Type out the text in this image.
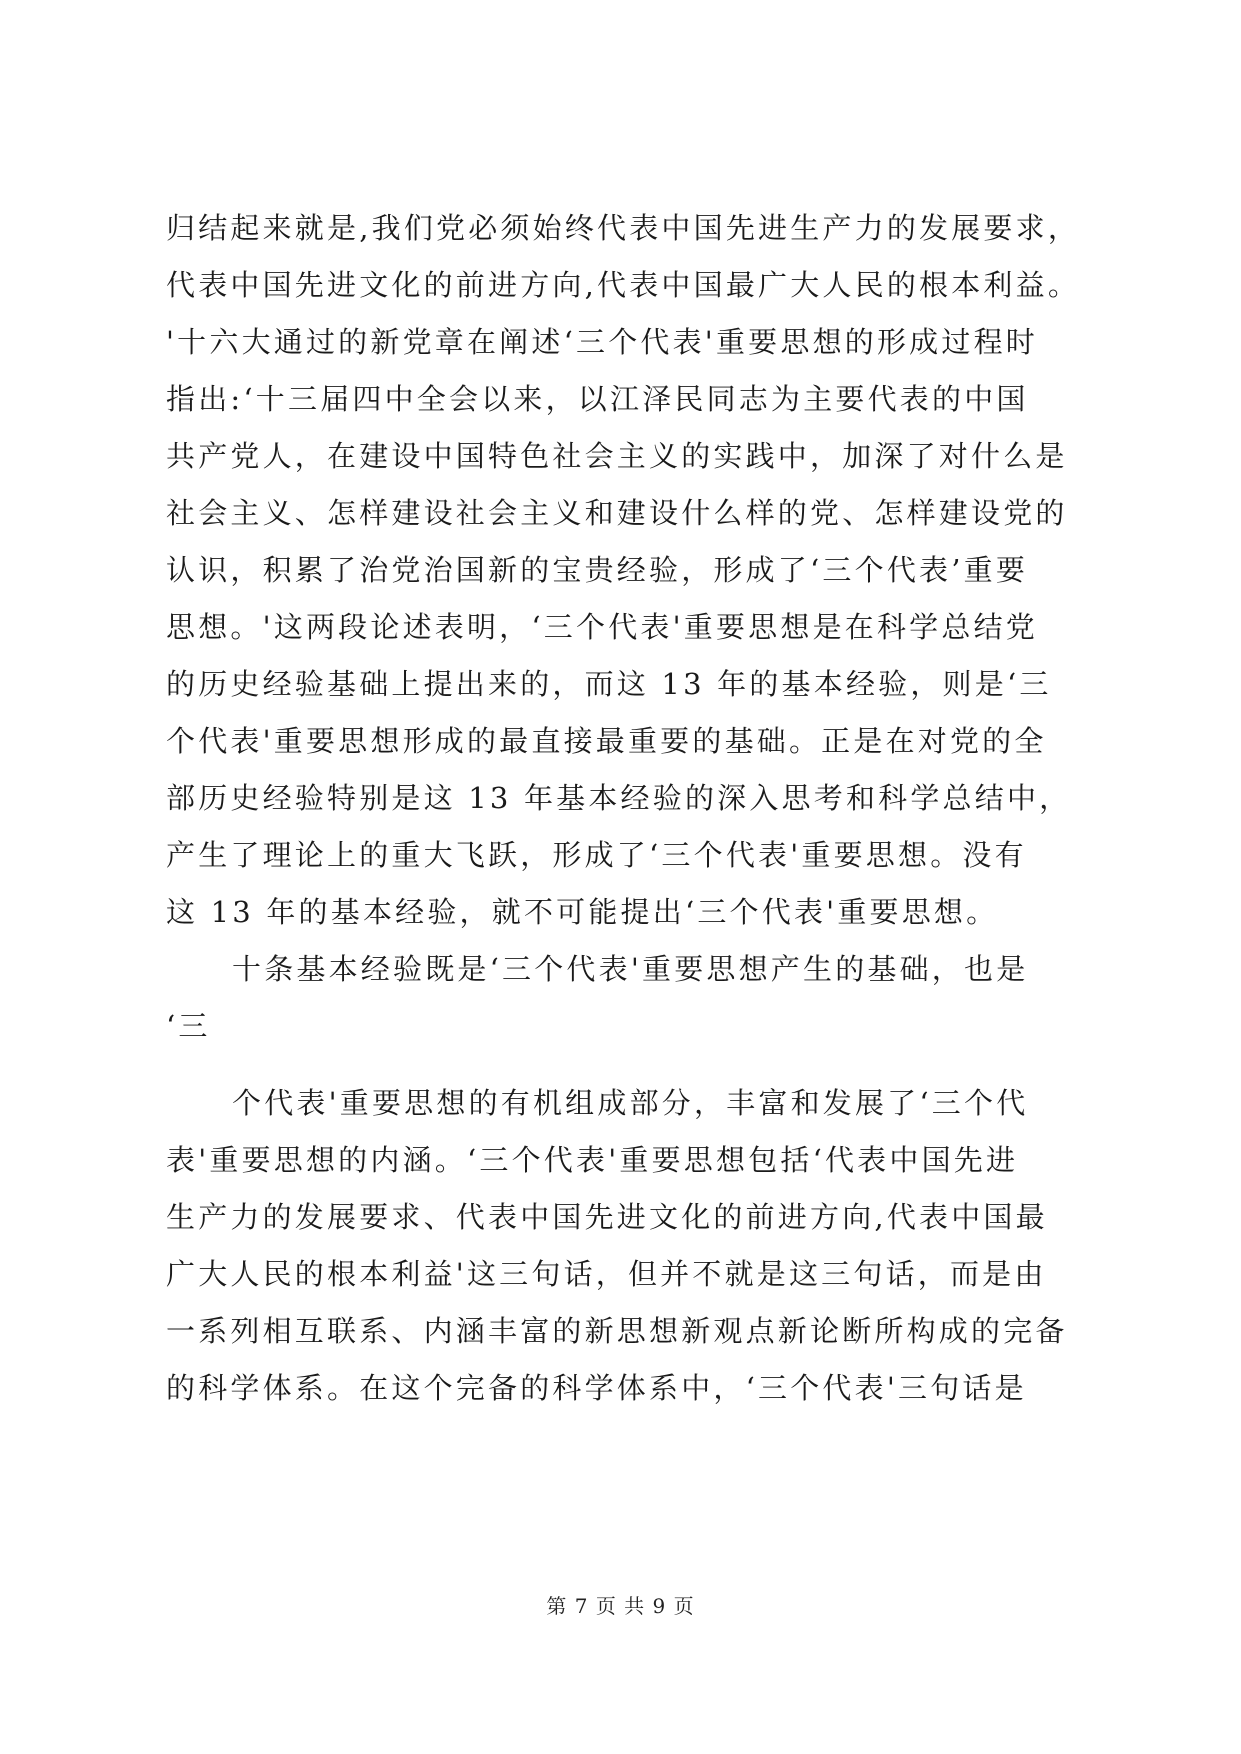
归结起来就是,我们党必须始终代表中国先进生产力的发展要求，
代表中国先进文化的前进方向,代表中国最广大人民的根本利益。
'十六大通过的新党章在阐述‘三个代表'重要思想的形成过程时
指出:‘十三届四中全会以来，以江泽民同志为主要代表的中国
共产党人，在建设中国特色社会主义的实践中，加深了对什么是
社会主义、怎样建设社会主义和建设什么样的党、怎样建设党的
认识，积累了治党治国新的宝贵经验，形成了‘三个代表’重要
思想。'这两段论述表明，‘三个代表'重要思想是在科学总结党
的历史经验基础上提出来的，而这 13 年的基本经验，则是‘三
个代表'重要思想形成的最直接最重要的基础。正是在对党的全
部历史经验特别是这 13 年基本经验的深入思考和科学总结中，
产生了理论上的重大飞跃，形成了‘三个代表'重要思想。没有
这 13 年的基本经验，就不可能提出‘三个代表'重要思想。
十条基本经验既是‘三个代表'重要思想产生的基础，也是
‘三
个代表'重要思想的有机组成部分，丰富和发展了‘三个代
表'重要思想的内涵。‘三个代表'重要思想包括‘代表中国先进
生产力的发展要求、代表中国先进文化的前进方向,代表中国最
广大人民的根本利益'这三句话，但并不就是这三句话，而是由
一系列相互联系、内涵丰富的新思想新观点新论断所构成的完备
的科学体系。在这个完备的科学体系中，‘三个代表'三句话是
第 7 页 共 9 页
